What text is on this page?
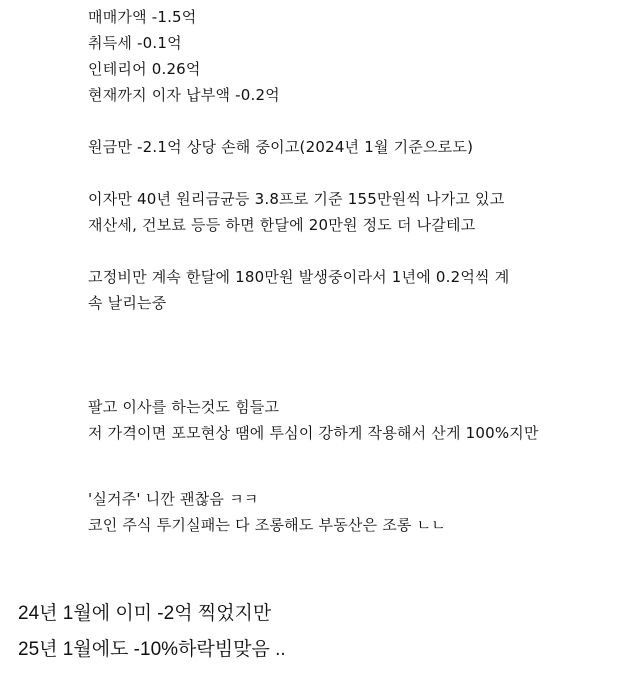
매매가액 -1.5억
취득세 -0.1억
인테리어 0.26억
현재까지 이자 납부액 -0.2억
원금만 -2.1억 상당 손해 중이고(2024년 1월 기준으로도)
이자만 40년 원리금균등 3.8프로 기준 155만원씩 나가고 있고
재산세, 건보료 등등 하면 한달에 20만원 정도 더 나갈테고
고정비만 계속 한달에 180만원 발생중이라서 1년에 0.2억씩 계
속 날리는중
팔고 이사를 하는것도 힘들고
저 가격이면 포모현상 땜에 투심이 강하게 작용해서 산게 100%지만
'실거주' 니깐 괜찮음 ㅋㅋ
코인 주식 투기실패는 다 조롱해도 부동산은 조롱 ㄴㄴ
24년 1월에 이미 -2억 찍었지만
25년 1월에도 -10%하락빔맞음 ..
